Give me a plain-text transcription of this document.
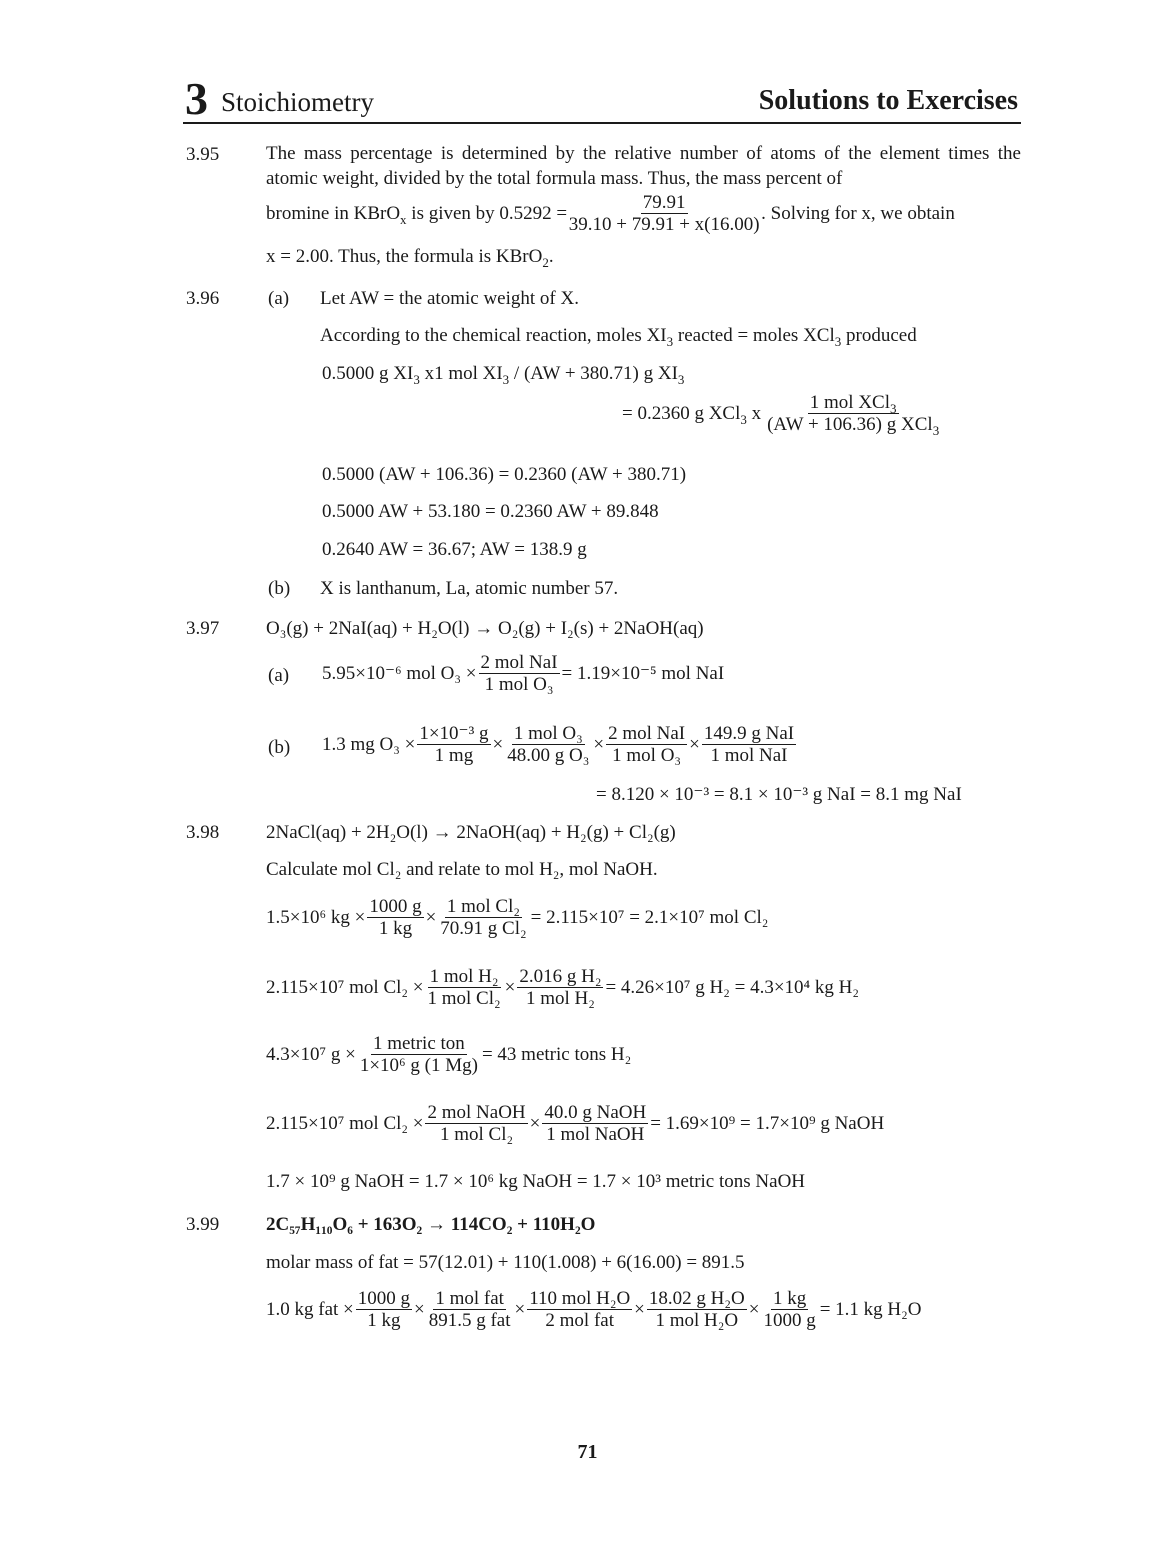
3 Stoichiometry	Solutions to Exercises
3.95 The mass percentage is determined by the relative number of atoms of the element times the atomic weight, divided by the total formula mass. Thus, the mass percent of
bromine in KBrO$_x$ is given by $0.5292 = \frac{79.91}{39.10 + 79.91 + x(16.00)}$ . Solving for x, we obtain
x = 2.00. Thus, the formula is KBrO$_2$.
3.96	(a) Let AW = the atomic weight of X.
According to the chemical reaction, moles $XI_3$ reacted = moles XCl$_3$ produced
0.5000 g $XI_3$ x1 mol $XI_3 / (AW + 380.71)$ g $XI_3$
= 0.2360 g XCl$_3$ x $\frac{1 mol XCl_3}{(AW + 106.36) g XCl_3}$
0.5000 (AW + 106.36) = 0.2360 (AW + 380.71)
0.5000 AW + 53.180 = 0.2360 AW + 89.848
0.2640 AW = 36.67; AW = 138.9 g
(b) X is lanthanum, La, atomic number 57.
3.97 O₃(g) + 2NaI(aq) + H₂O(l) → O₂(g) + I₂(s) + 2NaOH(aq)
(a) 5.95×10⁻⁶ mol $O_3 \times \frac{\text{2 mol NaI}}{\text{1 mol O₃}} = 1.19\times 10^{-5}$ mol NaI
(b) 1.3 mg $O_3 \times \frac{\text{1×10⁻³ g}}{1 mg} \times \frac{\text{1 mol O₃}}{\text{48.00 g O₃}} \times \frac{\text{2 mol NaI}}{\text{1 mol O₃}} \times \frac{\text{149.9 g NaI}}{\text{1 mol NaI}}$
= 8.120 × 10⁻³ = 8.1 × 10⁻³ g NaI = 8.1 mg NaI
3.98 2NaCl(aq) + 2H₂O(l) → 2NaOH(aq) + H₂(g) + Cl₂(g)
Calculate mol Cl₂ and relate to mol H₂, mol NaOH.
1.5×10⁶ kg × $\frac{1000 g}{1 kg} \times \frac{\text{1 mol Cl₂}}{\text{70.91 g Cl₂}} = 2.115\times 10^7 = 2.1\times 10^7$ mol Cl₂
2.115×10⁷ mol $Cl_2 \times \frac{\text{1 mol H₂}}{\text{1 mol Cl₂}} \times \frac{\text{2.016 g H₂}}{\text{1 mol H₂}} = 4.26\times 10^7$ g H₂ = 4.3×10⁴ kg H₂
4.3×10⁷ $g \times \frac{\text{1 metric ton}}{\text{1×10⁶ g (1 Mg)}} = 43$ metric tons H₂
2.115×10⁷ mol $Cl_2 \times \frac{\text{2 mol NaOH}}{\text{1 mol Cl₂}} \times \frac{\text{40.0 g NaOH}}{\text{1 mol NaOH}} = 1.69\times 10^9 = 1.7\times 10^9$ g NaOH
1.7 × 10⁹ g NaOH = 1.7 × 10⁶ kg NaOH = 1.7 × 10³ metric tons NaOH
3.99 2C₅₇H₁₁₀O₆ + 163O₂ → 114CO₂ + 110H₂O
molar mass of fat = 57(12.01) + 110(1.008) + 6(16.00) = 891.5
1.0 kg fat × $\frac{1000 g}{1 kg} \times \frac{\text{1 mol fat}}{\text{891.5 g fat}} \times \frac{\text{110 mol H₂O}}{\text{2 mol fat}} \times \frac{\text{18.02 g H₂O}}{\text{1 mol H₂O}} \times \frac{1 kg}{1000 g} = 1.1$ kg H₂O
71
